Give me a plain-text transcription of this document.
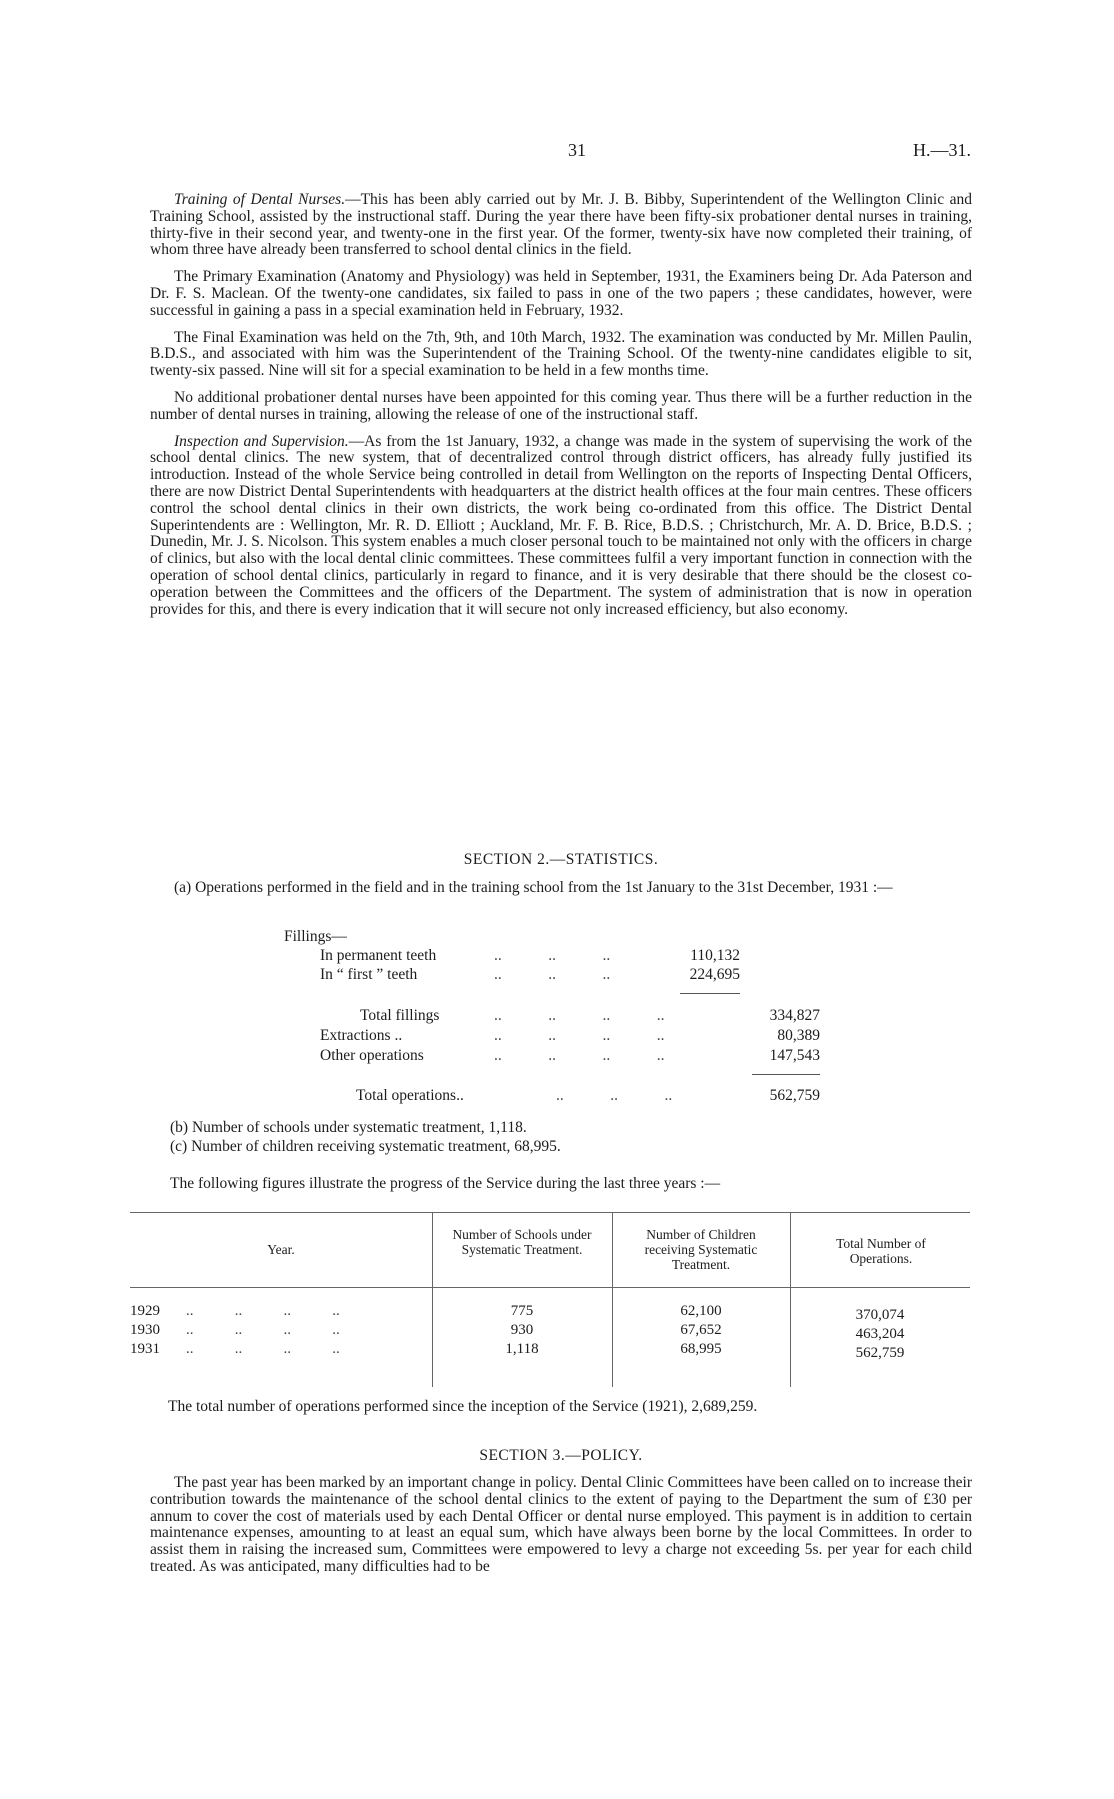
31	H.—31.

Training of Dental Nurses.—This has been ably carried out by Mr. J. B. Bibby, Superintendent of the Wellington Clinic and Training School, assisted by the instructional staff. During the year there have been fifty-six probationer dental nurses in training, thirty-five in their second year, and twenty-one in the first year. Of the former, twenty-six have now completed their training, of whom three have already been transferred to school dental clinics in the field.

The Primary Examination (Anatomy and Physiology) was held in September, 1931, the Examiners being Dr. Ada Paterson and Dr. F. S. Maclean. Of the twenty-one candidates, six failed to pass in one of the two papers ; these candidates, however, were successful in gaining a pass in a special examination held in February, 1932.

The Final Examination was held on the 7th, 9th, and 10th March, 1932. The examination was conducted by Mr. Millen Paulin, B.D.S., and associated with him was the Superintendent of the Training School. Of the twenty-nine candidates eligible to sit, twenty-six passed. Nine will sit for a special examination to be held in a few months time.

No additional probationer dental nurses have been appointed for this coming year. Thus there will be a further reduction in the number of dental nurses in training, allowing the release of one of the instructional staff.

Inspection and Supervision.—As from the 1st January, 1932, a change was made in the system of supervising the work of the school dental clinics. The new system, that of decentralized control through district officers, has already fully justified its introduction. Instead of the whole Service being controlled in detail from Wellington on the reports of Inspecting Dental Officers, there are now District Dental Superintendents with headquarters at the district health offices at the four main centres. These officers control the school dental clinics in their own districts, the work being co-ordinated from this office. The District Dental Superintendents are : Wellington, Mr. R. D. Elliott ; Auckland, Mr. F. B. Rice, B.D.S. ; Christchurch, Mr. A. D. Brice, B.D.S. ; Dunedin, Mr. J. S. Nicolson. This system enables a much closer personal touch to be maintained not only with the officers in charge of clinics, but also with the local dental clinic committees. These committees fulfil a very important function in connection with the operation of school dental clinics, particularly in regard to finance, and it is very desirable that there should be the closest co-operation between the Committees and the officers of the Department. The system of administration that is now in operation provides for this, and there is every indication that it will secure not only increased efficiency, but also economy.

SECTION 2.—STATISTICS.

(a) Operations performed in the field and in the training school from the 1st January to the 31st December, 1931 :—

Fillings—
In permanent teeth	..            ..            ..	110,132
In “ first ” teeth	..            ..            ..	224,695
Total fillings	..            ..            ..            ..	334,827
Extractions ..	..            ..            ..            ..	80,389
Other operations	..            ..            ..            ..	147,543
Total operations..	..            ..            ..	562,759
(b) Number of schools under systematic treatment, 1,118.
(c) Number of children receiving systematic treatment, 68,995.
The following figures illustrate the progress of the Service during the last three years :—
Year.
Number of Schools under Systematic Treatment.
Number of Children receiving Systematic Treatment.
Total Number of Operations.
1929 ..           ..           ..           ..	775	62,100	370,074
1930 ..           ..           ..           ..	930	67,652	463,204
1931 ..           ..           ..           ..	1,118	68,995	562,759
The total number of operations performed since the inception of the Service (1921), 2,689,259.

SECTION 3.—POLICY.

The past year has been marked by an important change in policy. Dental Clinic Committees have been called on to increase their contribution towards the maintenance of the school dental clinics to the extent of paying to the Department the sum of £30 per annum to cover the cost of materials used by each Dental Officer or dental nurse employed. This payment is in addition to certain maintenance expenses, amounting to at least an equal sum, which have always been borne by the local Committees. In order to assist them in raising the increased sum, Committees were empowered to levy a charge not exceeding 5s. per year for each child treated. As was anticipated, many difficulties had to be
